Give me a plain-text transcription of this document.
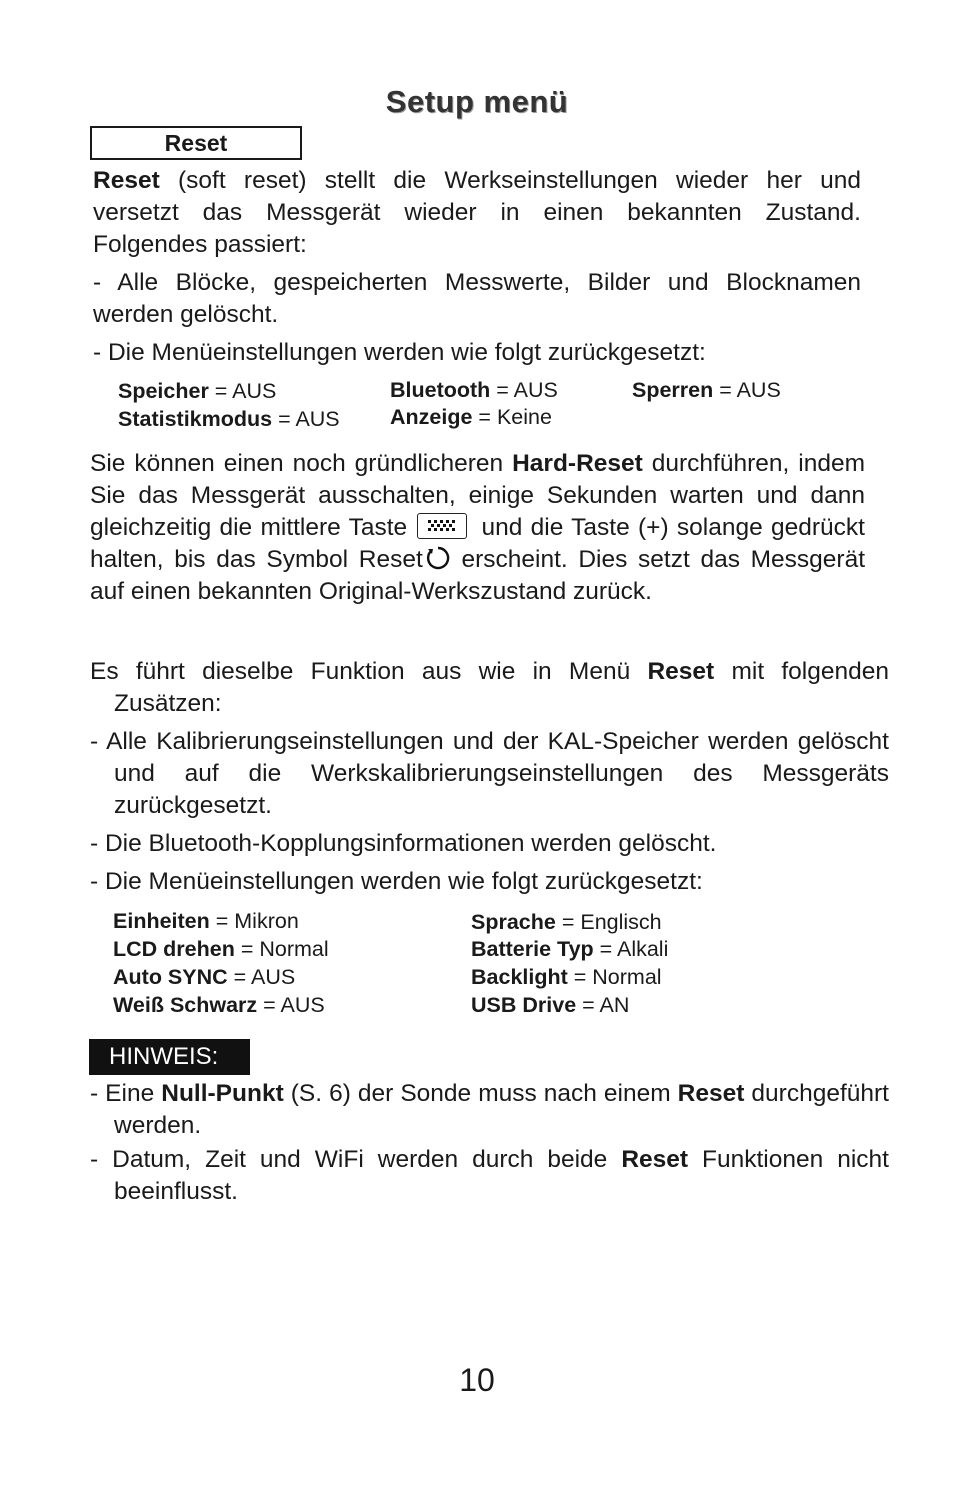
Setup menü
Reset

Reset (soft reset) stellt die Werkseinstellungen wieder her und versetzt das Messgerät wieder in einen bekannten Zustand. Folgendes passiert:

- Alle Blöcke, gespeicherten Messwerte, Bilder und Blocknamen werden gelöscht.
- Die Menüeinstellungen werden wie folgt zurückgesetzt:
Speicher = AUS
Statistikmodus = AUS
Bluetooth = AUS
Anzeige = Keine
Sperren = AUS

Sie können einen noch gründlicheren Hard-Reset durchführen, indem Sie das Messgerät ausschalten, einige Sekunden warten und dann gleichzeitig die mittlere Taste	und die Taste (+) solange gedrückt halten, bis das Symbol Reset erscheint. Dies setzt das Messgerät auf einen bekannten Original-Werkszustand zurück.

Es führt dieselbe Funktion aus wie in Menü Reset mit folgenden Zusätzen:
- Alle Kalibrierungseinstellungen und der KAL-Speicher werden gelöscht und auf die Werkskalibrierungseinstellungen des Messgeräts zurückgesetzt.
- Die Bluetooth-Kopplungsinformationen werden gelöscht.
- Die Menüeinstellungen werden wie folgt zurückgesetzt:
Einheiten = Mikron
LCD drehen = Normal
Auto SYNC = AUS
Weiß Schwarz = AUS
Sprache = Englisch
Batterie Typ = Alkali
Backlight = Normal
USB Drive = AN
HINWEIS:
- Eine Null-Punkt (S. 6) der Sonde muss nach einem Reset durchgeführt werden.
- Datum, Zeit und WiFi werden durch beide Reset Funktionen nicht beeinflusst.
10
